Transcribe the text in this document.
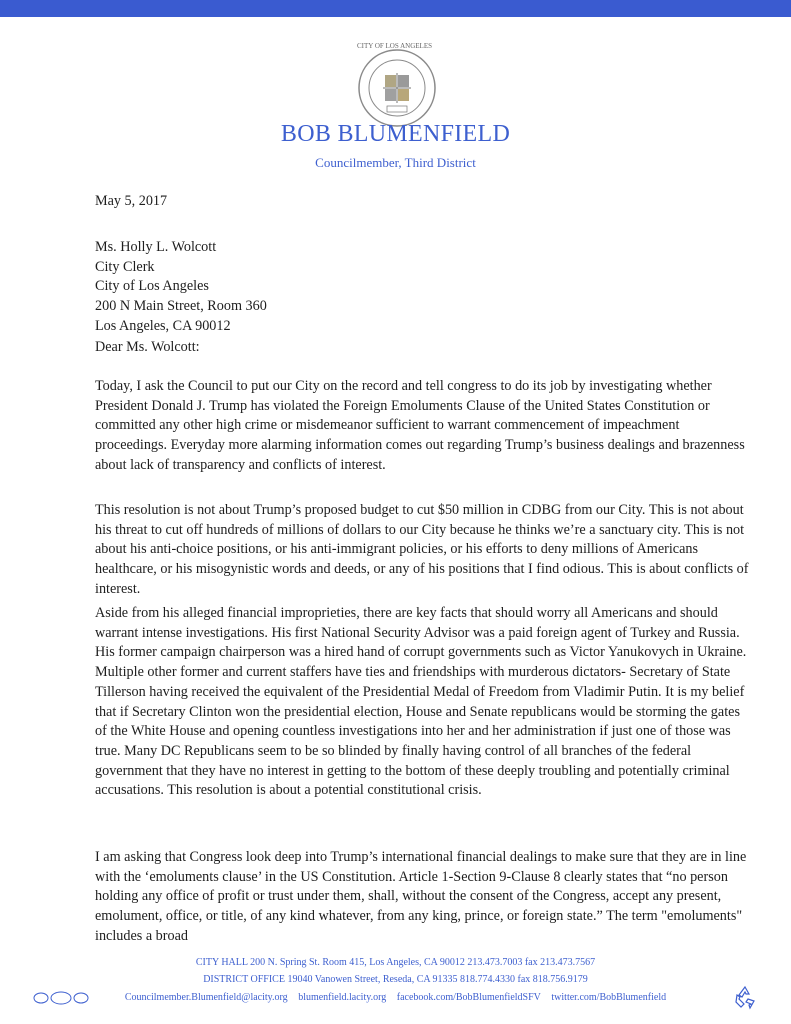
CITY OF LOS ANGELES
BOB BLUMENFIELD
Councilmember, Third District
May 5, 2017
Ms. Holly L. Wolcott
City Clerk
City of Los Angeles
200 N Main Street, Room 360
Los Angeles, CA 90012
Dear Ms. Wolcott:

Today, I ask the Council to put our City on the record and tell congress to do its job by investigating whether President Donald J. Trump has violated the Foreign Emoluments Clause of the United States Constitution or committed any other high crime or misdemeanor sufficient to warrant commencement of impeachment proceedings. Everyday more alarming information comes out regarding Trump’s business dealings and brazenness about lack of transparency and conflicts of interest.

This resolution is not about Trump’s proposed budget to cut $50 million in CDBG from our City. This is not about his threat to cut off hundreds of millions of dollars to our City because he thinks we’re a sanctuary city. This is not about his anti-choice positions, or his anti-immigrant policies, or his efforts to deny millions of Americans healthcare, or his misogynistic words and deeds, or any of his positions that I find odious. This is about conflicts of interest.

Aside from his alleged financial improprieties, there are key facts that should worry all Americans and should warrant intense investigations. His first National Security Advisor was a paid foreign agent of Turkey and Russia. His former campaign chairperson was a hired hand of corrupt governments such as Victor Yanukovych in Ukraine. Multiple other former and current staffers have ties and friendships with murderous dictators- Secretary of State Tillerson having received the equivalent of the Presidential Medal of Freedom from Vladimir Putin. It is my belief that if Secretary Clinton won the presidential election, House and Senate republicans would be storming the gates of the White House and opening countless investigations into her and her administration if just one of those was true. Many DC Republicans seem to be so blinded by finally having control of all branches of the federal government that they have no interest in getting to the bottom of these deeply troubling and potentially criminal accusations. This resolution is about a potential constitutional crisis.

I am asking that Congress look deep into Trump’s international financial dealings to make sure that they are in line with the ‘emoluments clause’ in the US Constitution. Article 1-Section 9-Clause 8 clearly states that “no person holding any office of profit or trust under them, shall, without the consent of the Congress, accept any present, emolument, office, or title, of any kind whatever, from any king, prince, or foreign state.” The term "emoluments" includes a broad

CITY HALL 200 N. Spring St. Room 415, Los Angeles, CA 90012 213.473.7003 fax 213.473.7567
DISTRICT OFFICE 19040 Vanowen Street, Reseda, CA 91335 818.774.4330 fax 818.756.9179
Councilmember.Blumenfield@lacity.org blumenfield.lacity.org facebook.com/BobBlumenfieldSFV twitter.com/BobBlumenfield
